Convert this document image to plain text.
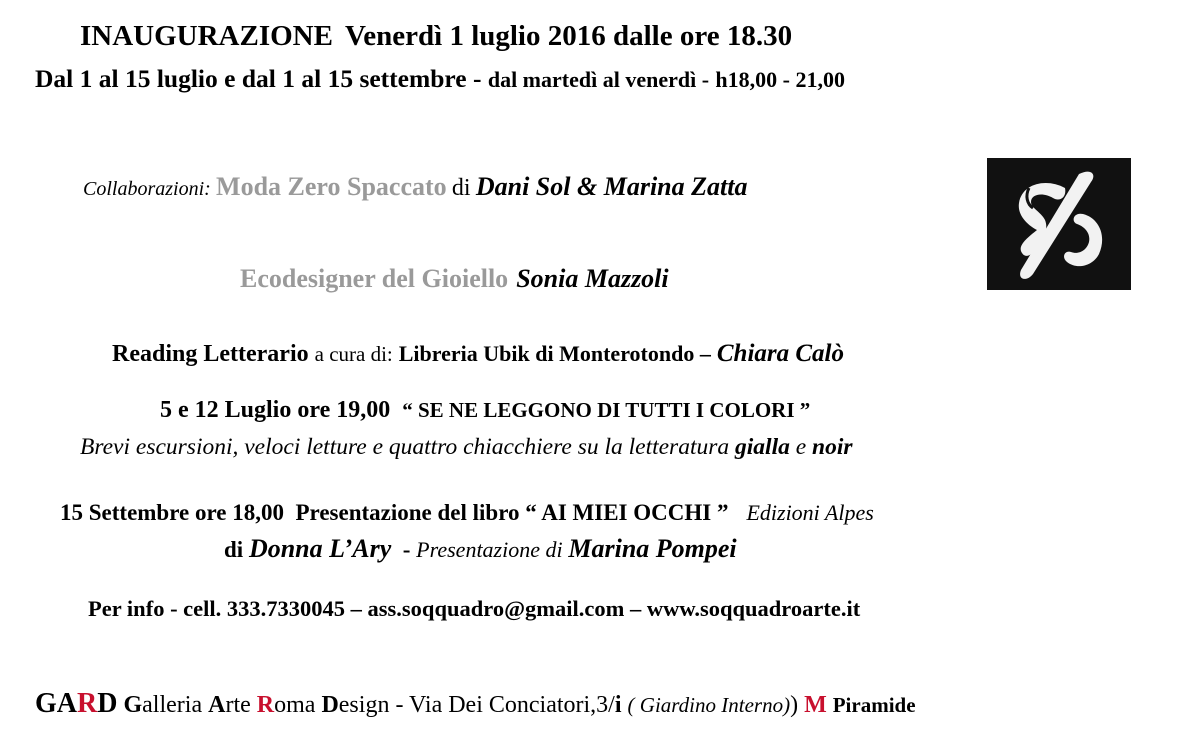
INAUGURAZIONE Venerdì 1 luglio 2016 dalle ore 18.30
Dal 1 al 15 luglio e dal 1 al 15 settembre - dal martedì al venerdì - h18,00 - 21,00
Collaborazioni: Moda Zero Spaccato di Dani Sol & Marina Zatta
Ecodesigner del Gioiello Sonia Mazzoli
Reading Letterario a cura di: Libreria Ubik di Monterotondo – Chiara Calò
5 e 12 Luglio ore 19,00 “ SE NE LEGGONO DI TUTTI I COLORI ”
Brevi escursioni, veloci letture e quattro chiacchiere su la letteratura gialla e noir
15 Settembre ore 18,00 Presentazione del libro “ AI MIEI OCCHI ” Edizioni Alpes
di Donna L’Ary - Presentazione di Marina Pompei
Per info - cell. 333.7330045 – ass.soqquadro@gmail.com – www.soqquadroarte.it
GARD Galleria Arte Roma Design - Via Dei Conciatori,3/i ( Giardino Interno)) M Piramide
